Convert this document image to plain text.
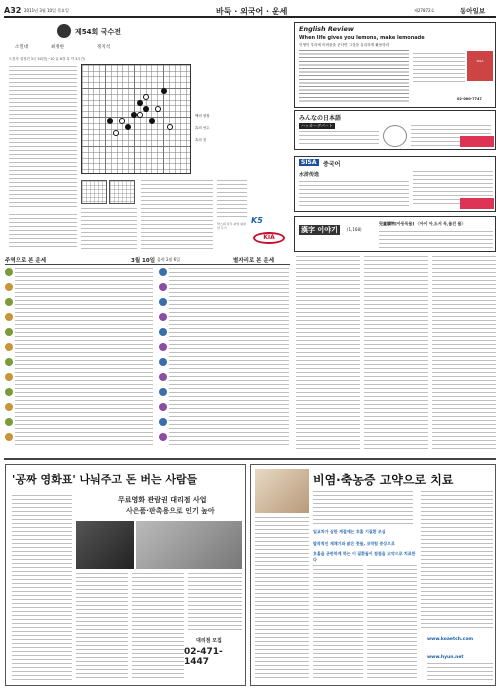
A32 2011년 3월 10일 목요일	바둑 · 외국어 · 운세	제27872호	동아일보
제54회 국수전
소밀대	최정한	정지석
도전자 결정전 3국 3회전(~10 유 6점 흑 약 3시간)
백의 양장
흑의 선수
흑의 진
박스의 다각 최영 위대한 무기
K5
KIA
English Review
When life gives you lemons, make lemonade
인생이 우리에 어려움을 준다면 그것을 유리하게 활용하라
SISA
02-000-7747
みんなの日本語
ハッカーデパート
SISA	중국어
水浒传选
漢字 이야기	(1,168)
兒童讀物[아동독물] 〈아이 아,도서 독,물건 물〉
주역으로 본 운세	3월 10일 음력 2월 6일	별자리로 본 운세
'공짜 영화표' 나눠주고 돈 버는 사람들
무료영화 관람권 대리점 사업
사은품·판촉용으로 인기 높아
대리점 모집
02-471-1447
비염·축농증 고약으로 치료
일교차가 심한 계절에는 호흡 기질환 조심
발작적인 재채기와 맑은 콧물, 코막힘 증상으로
호흡을 곤란하게 하는 이 질환들이 점점을 고약으로 치료한다
www.koaetch.com
www.hyun.net
